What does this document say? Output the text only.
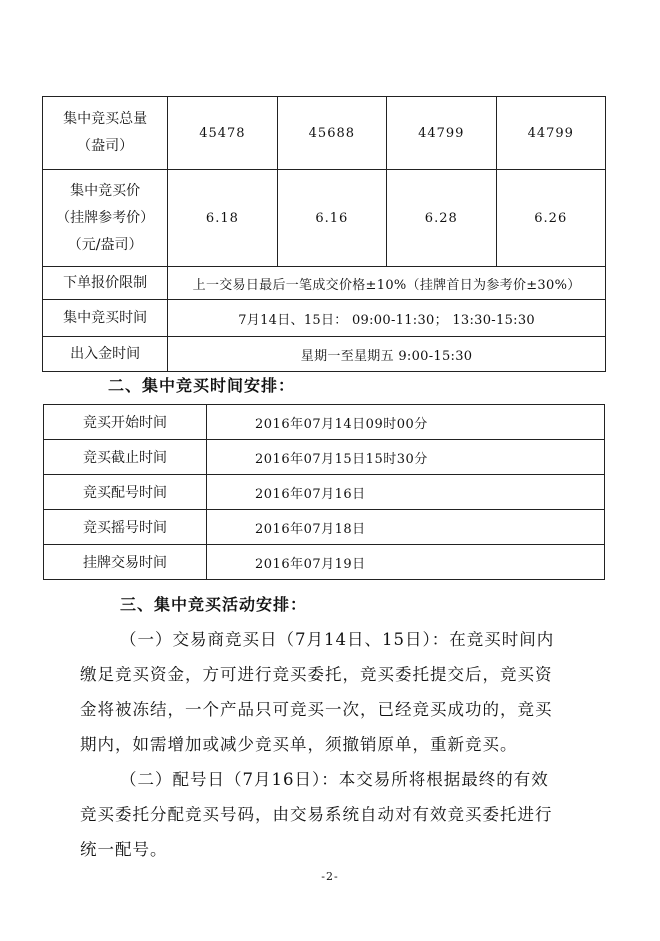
集中竞买总量
（盎司）	45478	45688	44799	44799

集中竞买价
（挂牌参考价）
（元/盎司）	6.18	6.16	6.28	6.26
下单报价限制	上一交易日最后一笔成交价格±10%（挂牌首日为参考价±30%）			
集中竞买时间	7月14日、15日： 09:00-11:30； 13:30-15:30			
出入金时间	星期一至星期五 9:00-15:30			
二、集中竞买时间安排：
竞买开始时间	2016年07月14日09时00分
竞买截止时间	2016年07月15日15时30分
竞买配号时间	2016年07月16日
竞买摇号时间	2016年07月18日
挂牌交易时间	2016年07月19日
三、集中竞买活动安排：
（一）交易商竞买日（7月14日、15日）：在竞买时间内
缴足竞买资金，方可进行竞买委托，竞买委托提交后，竞买资
金将被冻结，一个产品只可竞买一次，已经竞买成功的，竞买
期内，如需增加或减少竞买单，须撤销原单，重新竞买。
（二）配号日（7月16日）：本交易所将根据最终的有效
竞买委托分配竞买号码，由交易系统自动对有效竞买委托进行
统一配号。
-2-
